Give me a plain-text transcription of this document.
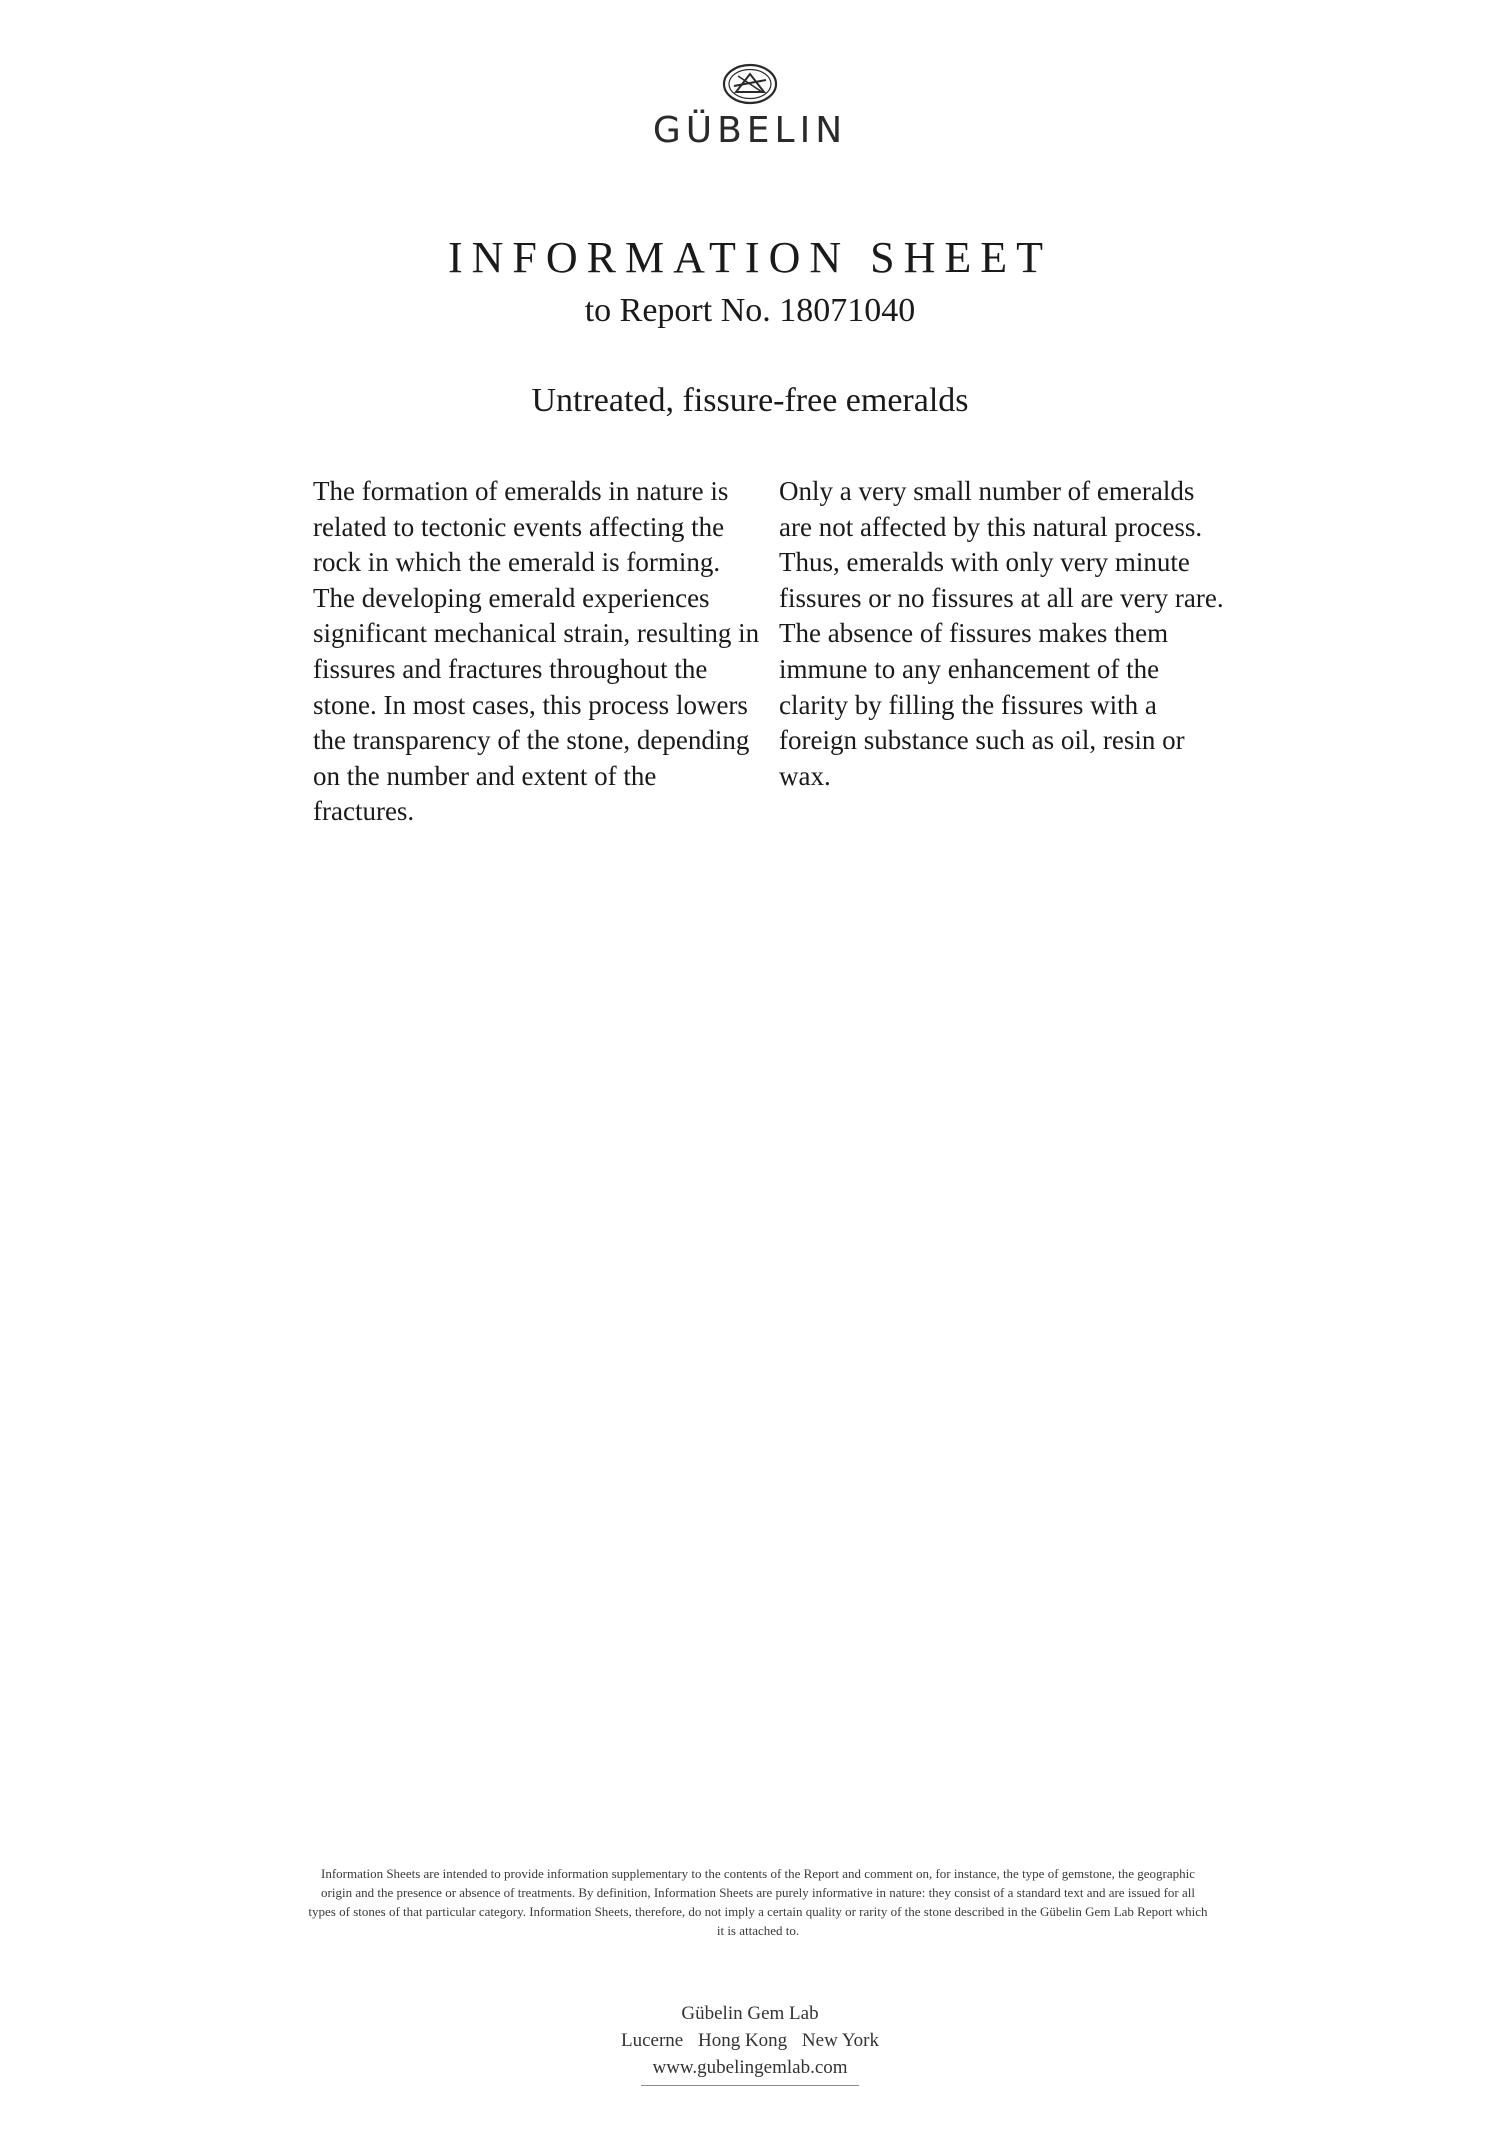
GÜBELIN
INFORMATION SHEET
to Report No. 18071040
Untreated, fissure-free emeralds
The formation of emeralds in nature is related to tectonic events affecting the rock in which the emerald is forming. The developing emerald experiences significant mechanical strain, resulting in fissures and fractures throughout the stone. In most cases, this process lowers the transparency of the stone, depending on the number and extent of the fractures.
Only a very small number of emeralds are not affected by this natural process. Thus, emeralds with only very minute fissures or no fissures at all are very rare. The absence of fissures makes them immune to any enhancement of the clarity by filling the fissures with a foreign substance such as oil, resin or wax.
Information Sheets are intended to provide information supplementary to the contents of the Report and comment on, for instance, the type of gemstone, the geographic origin and the presence or absence of treatments. By definition, Information Sheets are purely informative in nature: they consist of a standard text and are issued for all types of stones of that particular category. Information Sheets, therefore, do not imply a certain quality or rarity of the stone described in the Gübelin Gem Lab Report which it is attached to.
Gübelin Gem Lab
Lucerne Hong Kong New York
www.gubelingemlab.com
